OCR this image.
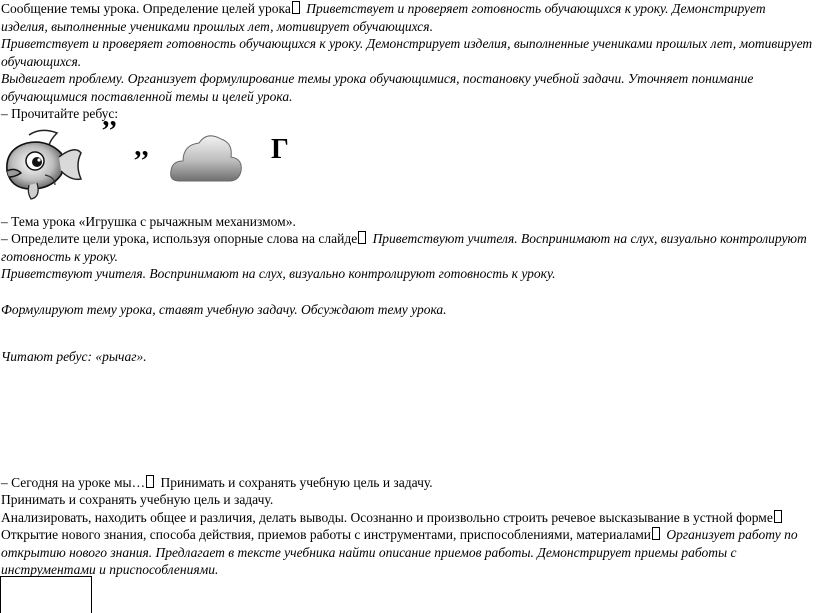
Сообщение темы урока. Определение целей урока Приветствует и проверяет готовность обучающихся к уроку. Демонстрирует изделия, выполненные учениками прошлых лет, мотивирует обучающихся.
Приветствует и проверяет готовность обучающихся к уроку. Демонстрирует изделия, выполненные учениками прошлых лет, мотивирует обучающихся.
Выдвигает проблему. Организует формулирование темы урока обучающимися, постановку учебной задачи. Уточняет понимание обучающимися поставленной темы и целей урока.
– Прочитайте ребус:
’’
’’	Г
– Тема урока «Игрушка с рычажным механизмом».
– Определите цели урока, используя опорные слова на слайде Приветствуют учителя. Воспринимают на слух, визуально контролируют готовность к уроку.
Приветствуют учителя. Воспринимают на слух, визуально контролируют готовность к уроку.
Формулируют тему урока, ставят учебную задачу. Обсуждают тему урока.
Читают ребус: «рычаг».
– Сегодня на уроке мы… Принимать и сохранять учебную цель и задачу.
Принимать и сохранять учебную цель и задачу.
Анализировать, находить общее и различия, делать выводы. Осознанно и произвольно строить речевое высказывание в устной форме
Открытие нового знания, способа действия, приемов работы с инструментами, приспособлениями, материалами Организует работу по открытию нового знания. Предлагает в тексте учебника найти описание приемов работы. Демонстрирует приемы работы с инструментами и приспособлениями.
